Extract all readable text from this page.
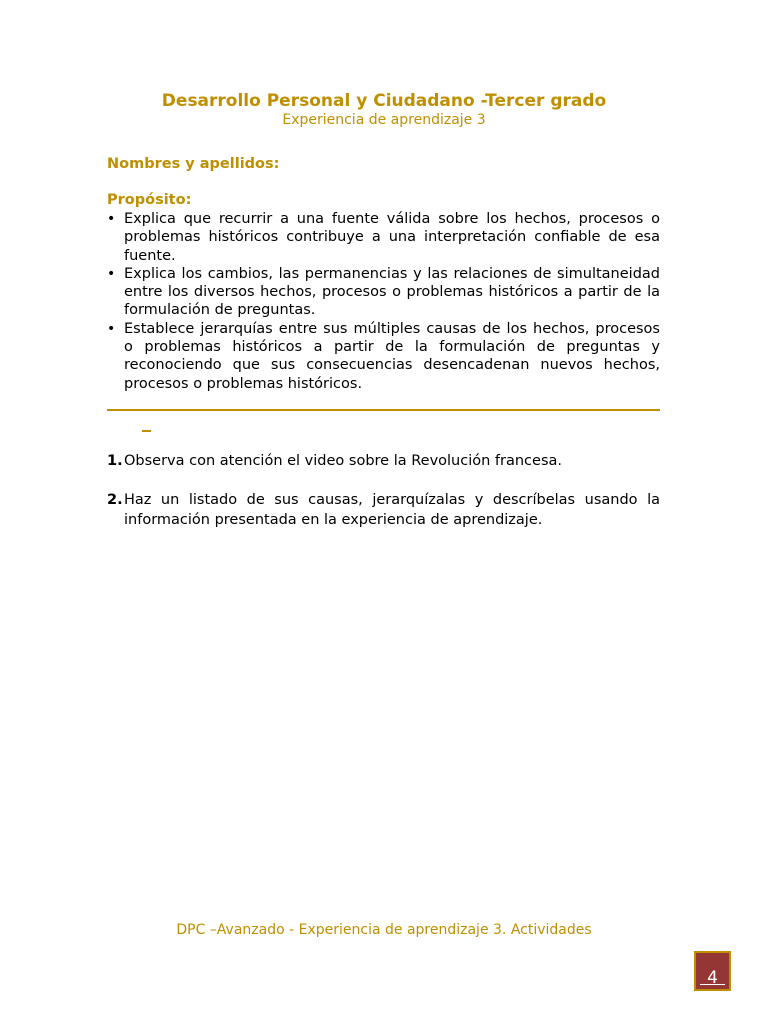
Desarrollo Personal y Ciudadano -Tercer grado
Experiencia de aprendizaje 3
Nombres y apellidos:
Propósito:
• Explica que recurrir a una fuente válida sobre los hechos, procesos o problemas históricos contribuye a una interpretación confiable de esa fuente.
• Explica los cambios, las permanencias y las relaciones de simultaneidad entre los diversos hechos, procesos o problemas históricos a partir de la formulación de preguntas.
• Establece jerarquías entre sus múltiples causas de los hechos, procesos o problemas históricos a partir de la formulación de preguntas y reconociendo que sus consecuencias desencadenan nuevos hechos, procesos o problemas históricos.
1. Observa con atención el video sobre la Revolución francesa.
2. Haz un listado de sus causas, jerarquízalas y descríbelas usando la información presentada en la experiencia de aprendizaje.
DPC –Avanzado - Experiencia de aprendizaje 3. Actividades
4
